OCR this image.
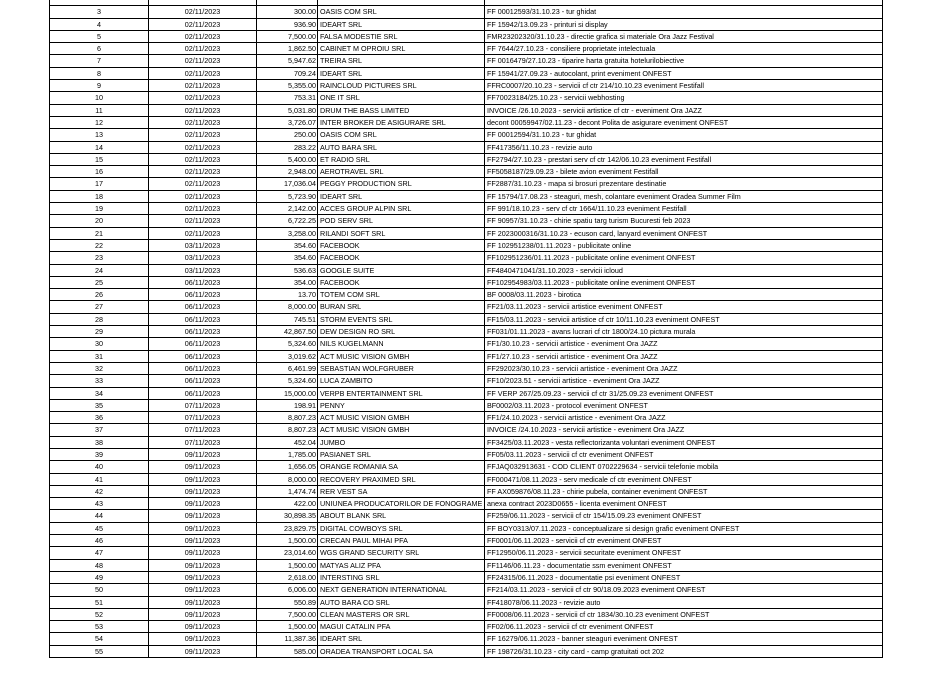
3	02/11/2023	300.00	OASIS COM SRL	FF 00012593/31.10.23 - tur ghidat
4	02/11/2023	936.90	IDEART SRL	FF 15942/13.09.23 - printuri si display
5	02/11/2023	7,500.00	FALSA MODESTIE SRL	FMR23202320/31.10.23 - directie grafica si materiale Ora Jazz Festival
6	02/11/2023	1,862.50	CABINET M OPROIU SRL	FF 7644/27.10.23 - consiliere proprietate intelectuala
7	02/11/2023	5,947.62	TREIRA SRL	FF 0016479/27.10.23 - tiparire harta gratuita hotelurilobiective
8	02/11/2023	709.24	IDEART SRL	FF 15941/27.09.23 - autocolant, print eveniment ONFEST
9	02/11/2023	5,355.00	RAINCLOUD PICTURES SRL	FFRC0007/20.10.23 - servicii cf ctr 214/10.10.23 eveniment Festifall
10	02/11/2023	753.31	ONE IT SRL	FF70023184/25.10.23 - servicii webhosting
11	02/11/2023	5,031.80	DRUM THE BASS LIMITED	INVOICE /26.10.2023 - servicii artistice cf ctr - eveniment Ora JAZZ
12	02/11/2023	3,726.07	INTER BROKER DE ASIGURARE SRL	decont 00059947/02.11.23 - decont Polita de asigurare eveniment ONFEST
13	02/11/2023	250.00	OASIS COM SRL	FF 00012594/31.10.23 - tur ghidat
14	02/11/2023	283.22	AUTO BARA SRL	FF417356/11.10.23 - revizie auto
15	02/11/2023	5,400.00	ET RADIO SRL	FF2794/27.10.23 - prestari serv cf ctr 142/06.10.23 eveniment Festifall
16	02/11/2023	2,948.00	AEROTRAVEL SRL	FF5058187/29.09.23 - bilete avion eveniment Festifall
17	02/11/2023	17,036.04	PEGGY PRODUCTION SRL	FF2887/31.10.23 - mapa si brosuri prezentare destinatie
18	02/11/2023	5,723.90	IDEART SRL	FF 15794/17.08.23 - steaguri, mesh, colantare eveniment Oradea Summer Film
19	02/11/2023	2,142.00	ACCES GROUP ALPIN SRL	FF 991/18.10.23 - serv cf ctr 1664/11.10.23 eveniment Festifall
20	02/11/2023	6,722.25	POD SERV SRL	FF 90957/31.10.23 - chirie spatiu targ turism Bucuresti feb 2023
21	02/11/2023	3,258.00	RILANDI SOFT SRL	FF 2023000316/31.10.23 - ecuson card, lanyard eveniment ONFEST
22	03/11/2023	354.60	FACEBOOK	FF 102951238/01.11.2023 - publicitate online
23	03/11/2023	354.60	FACEBOOK	FF102951236/01.11.2023 - publicitate online eveniment ONFEST
24	03/11/2023	536.63	GOOGLE SUITE	FF4840471041/31.10.2023 - servicii icloud
25	06/11/2023	354.00	FACEBOOK	FF102954983/03.11.2023 - publicitate online eveniment ONFEST
26	06/11/2023	13.70	TOTEM COM SRL	BF 0008/03.11.2023 - birotica
27	06/11/2023	8,000.00	BURAN SRL	FF21/03.11.2023 - servicii artistice eveniment ONFEST
28	06/11/2023	745.51	STORM EVENTS SRL	FF15/03.11.2023 - servicii artistice cf ctr 10/11.10.23 eveniment ONFEST
29	06/11/2023	42,867.50	DEW DESIGN RO SRL	FF031/01.11.2023 - avans lucrari cf ctr 1800/24.10 pictura murala
30	06/11/2023	5,324.60	NILS KUGELMANN	FF1/30.10.23 - servicii artistice - eveniment Ora JAZZ
31	06/11/2023	3,019.62	ACT MUSIC VISION GMBH	FF1/27.10.23 - servicii artistice - eveniment Ora JAZZ
32	06/11/2023	6,461.99	SEBASTIAN WOLFGRUBER	FF292023/30.10.23 - servicii artistice - eveniment Ora JAZZ
33	06/11/2023	5,324.60	LUCA ZAMBITO	FF10/2023.51 - servicii artistice - eveniment Ora JAZZ
34	06/11/2023	15,000.00	VERPB ENTERTAINMENT SRL	FF VERP 267/25.09.23 - servicii cf ctr 31/25.09.23 eveniment ONFEST
35	07/11/2023	198.91	PENNY	BF0002/03.11.2023 - protocol eveniment ONFEST
36	07/11/2023	8,807.23	ACT MUSIC VISION GMBH	FF1/24.10.2023 - servicii artistice - eveniment Ora JAZZ
37	07/11/2023	8,807.23	ACT MUSIC VISION GMBH	INVOICE /24.10.2023 - servicii artistice - eveniment Ora JAZZ
38	07/11/2023	452.04	JUMBO	FF3425/03.11.2023 - vesta reflectorizanta voluntari eveniment ONFEST
39	09/11/2023	1,785.00	PASIANET SRL	FF05/03.11.2023 - servicii cf ctr eveniment ONFEST
40	09/11/2023	1,656.05	ORANGE ROMANIA SA	FFJAQ032913631 - COD CLIENT 0702229634 - servicii telefonie mobila
41	09/11/2023	8,000.00	RECOVERY PRAXIMED SRL	FF000471/08.11.2023 - serv medicale cf ctr eveniment ONFEST
42	09/11/2023	1,474.74	RER VEST SA	FF AX059876/08.11.23 - chirie pubela, container eveniment ONFEST
43	09/11/2023	422.00	UNIUNEA PRODUCATORILOR DE FONOGRAME	anexa contract 2023D0655 - licenta eveniment ONFEST
44	09/11/2023	30,898.35	ABOUT BLANK SRL	FF259/06.11.2023 - servicii cf ctr 154/15.09.23 eveniment ONFEST
45	09/11/2023	23,829.75	DIGITAL COWBOYS SRL	FF BOY0313/07.11.2023 - conceptualizare si design grafic eveniment ONFEST
46	09/11/2023	1,500.00	CRECAN PAUL MIHAI PFA	FF0001/06.11.2023 - servicii cf ctr eveniment ONFEST
47	09/11/2023	23,014.60	WGS GRAND SECURITY SRL	FF12950/06.11.2023 - servicii securitate eveniment ONFEST
48	09/11/2023	1,500.00	MATYAS ALIZ PFA	FF1146/06.11.23 - documentatie ssm eveniment ONFEST
49	09/11/2023	2,618.00	INTERSTING SRL	FF24315/06.11.2023 - documentatie psi eveniment ONFEST
50	09/11/2023	6,006.00	NEXT GENERATION INTERNATIONAL	FF214/03.11.2023 - servicii cf ctr 90/18.09.2023 eveniment ONFEST
51	09/11/2023	550.89	AUTO BARA CO SRL	FF418078/06.11.2023 - revizie auto
52	09/11/2023	7,500.00	CLEAN MASTERS OR SRL	FF0008/06.11.2023 - servicii cf ctr 1834/30.10.23 eveniment ONFEST
53	09/11/2023	1,500.00	MAGUI CATALIN PFA	FF02/06.11.2023 - servicii cf ctr eveniment ONFEST
54	09/11/2023	11,387.36	IDEART SRL	FF 16279/06.11.2023 - banner steaguri eveniment ONFEST
55	09/11/2023	585.00	ORADEA TRANSPORT LOCAL SA	FF 198726/31.10.23 - city card - camp gratuitati oct 202
